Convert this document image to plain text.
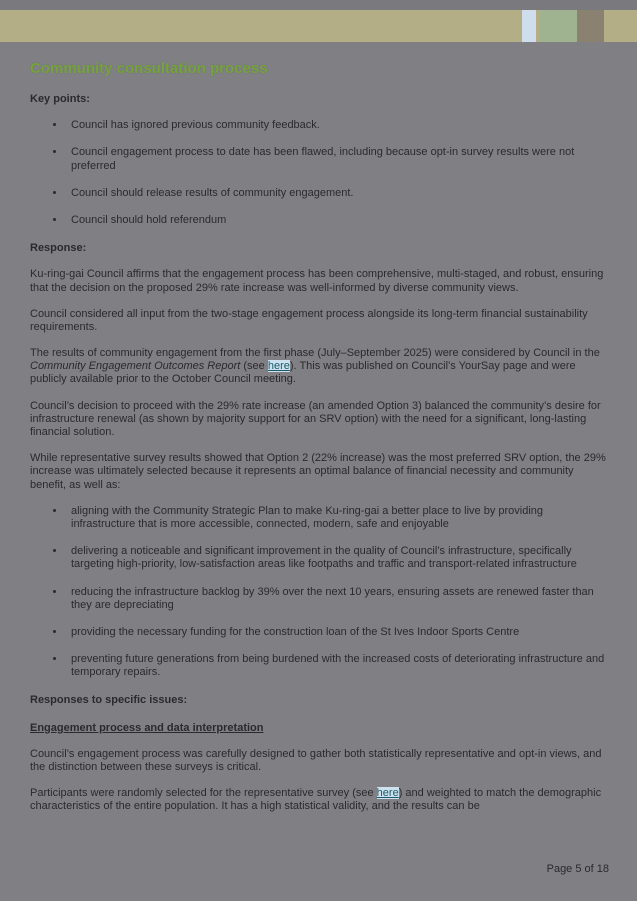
Community consultation process
Key points:
• Council has ignored previous community feedback.
• Council engagement process to date has been flawed, including because opt-in survey results were not preferred
• Council should release results of community engagement.
• Council should hold referendum
Response:

Ku-ring-gai Council affirms that the engagement process has been comprehensive, multi-staged, and robust, ensuring that the decision on the proposed 29% rate increase was well-informed by diverse community views.

Council considered all input from the two-stage engagement process alongside its long-term financial sustainability requirements.

The results of community engagement from the first phase (July–September 2025) were considered by Council in the Community Engagement Outcomes Report (see here). This was published on Council’s YourSay page and were publicly available prior to the October Council meeting.

Council’s decision to proceed with the 29% rate increase (an amended Option 3) balanced the community’s desire for infrastructure renewal (as shown by majority support for an SRV option) with the need for a significant, long-lasting financial solution.

While representative survey results showed that Option 2 (22% increase) was the most preferred SRV option, the 29% increase was ultimately selected because it represents an optimal balance of financial necessity and community benefit, as well as:

• aligning with the Community Strategic Plan to make Ku-ring-gai a better place to live by providing infrastructure that is more accessible, connected, modern, safe and enjoyable
• delivering a noticeable and significant improvement in the quality of Council’s infrastructure, specifically targeting high-priority, low-satisfaction areas like footpaths and traffic and transport-related infrastructure
• reducing the infrastructure backlog by 39% over the next 10 years, ensuring assets are renewed faster than they are depreciating
• providing the necessary funding for the construction loan of the St Ives Indoor Sports Centre
• preventing future generations from being burdened with the increased costs of deteriorating infrastructure and temporary repairs.
Responses to specific issues:
Engagement process and data interpretation

Council’s engagement process was carefully designed to gather both statistically representative and opt-in views, and the distinction between these surveys is critical.

Participants were randomly selected for the representative survey (see here) and weighted to match the demographic characteristics of the entire population. It has a high statistical validity, and the results can be

Page 5 of 18
